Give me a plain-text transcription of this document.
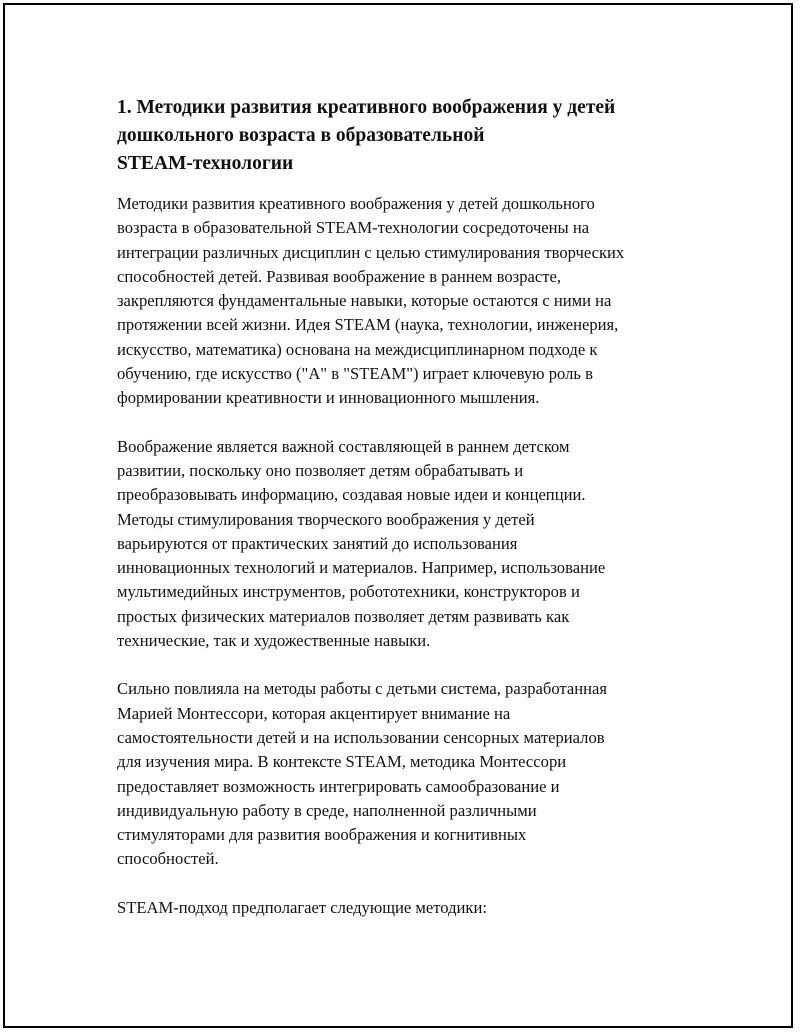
1. Методики развития креативного воображения у детей
дошкольного возраста в образовательной
STEAM-технологии

Методики развития креативного воображения у детей дошкольного
возраста в образовательной STEAM-технологии сосредоточены на
интеграции различных дисциплин с целью стимулирования творческих
способностей детей. Развивая воображение в раннем возрасте,
закрепляются фундаментальные навыки, которые остаются с ними на
протяжении всей жизни. Идея STEAM (наука, технологии, инженерия,
искусство, математика) основана на междисциплинарном подходе к
обучению, где искусство ("A" в "STEAM") играет ключевую роль в
формировании креативности и инновационного мышления.

Воображение является важной составляющей в раннем детском
развитии, поскольку оно позволяет детям обрабатывать и
преобразовывать информацию, создавая новые идеи и концепции.
Методы стимулирования творческого воображения у детей
варьируются от практических занятий до использования
инновационных технологий и материалов. Например, использование
мультимедийных инструментов, робототехники, конструкторов и
простых физических материалов позволяет детям развивать как
технические, так и художественные навыки.

Сильно повлияла на методы работы с детьми система, разработанная
Марией Монтессори, которая акцентирует внимание на
самостоятельности детей и на использовании сенсорных материалов
для изучения мира. В контексте STEAM, методика Монтессори
предоставляет возможность интегрировать самообразование и
индивидуальную работу в среде, наполненной различными
стимуляторами для развития воображения и когнитивных
способностей.

STEAM-подход предполагает следующие методики:
